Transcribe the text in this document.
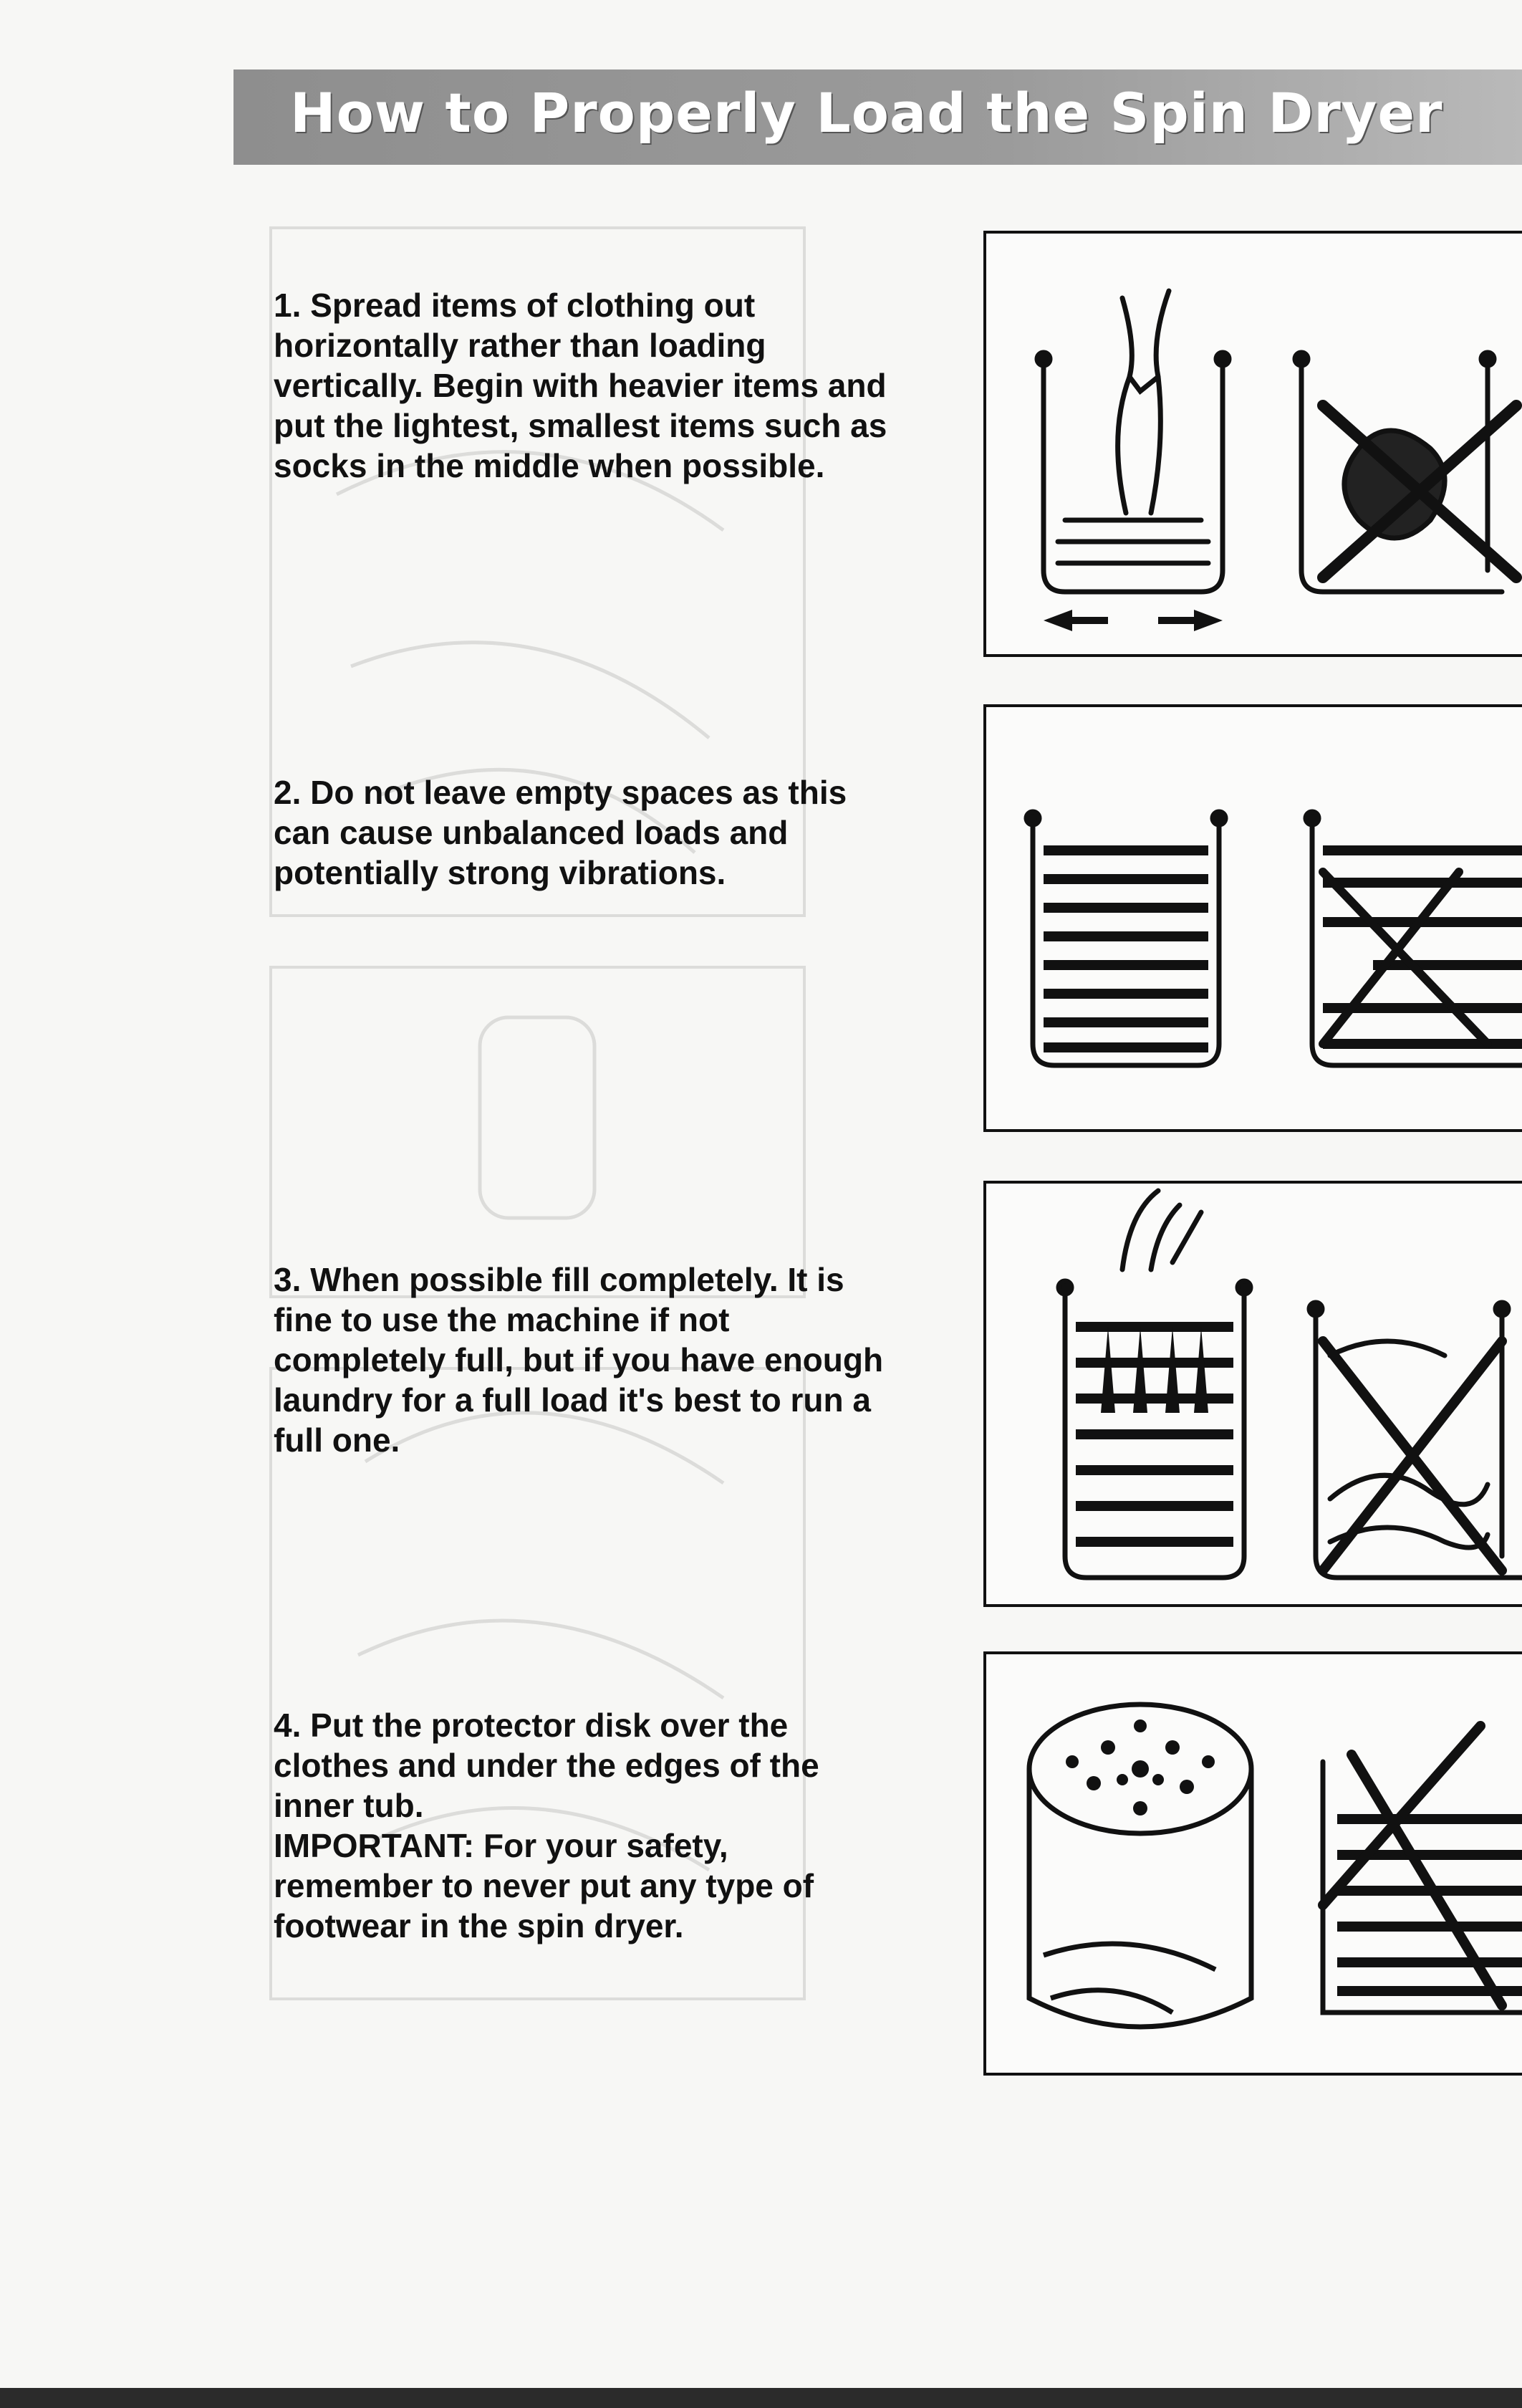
How to Properly Load the Spin Dryer

1. Spread items of clothing out horizontally rather than loading vertically. Begin with heavier items and put the lightest, smallest items such as socks in the middle when possible.

2. Do not leave empty spaces as this can cause unbalanced loads and potentially strong vibrations.

3. When possible fill completely. It is fine to use the machine if not completely full, but if you have enough laundry for a full load it's best to run a full one.

4. Put the protector disk over the clothes and under the edges of the inner tub.

IMPORTANT: For your safety, remember to never put any type of footwear in the spin dryer.
